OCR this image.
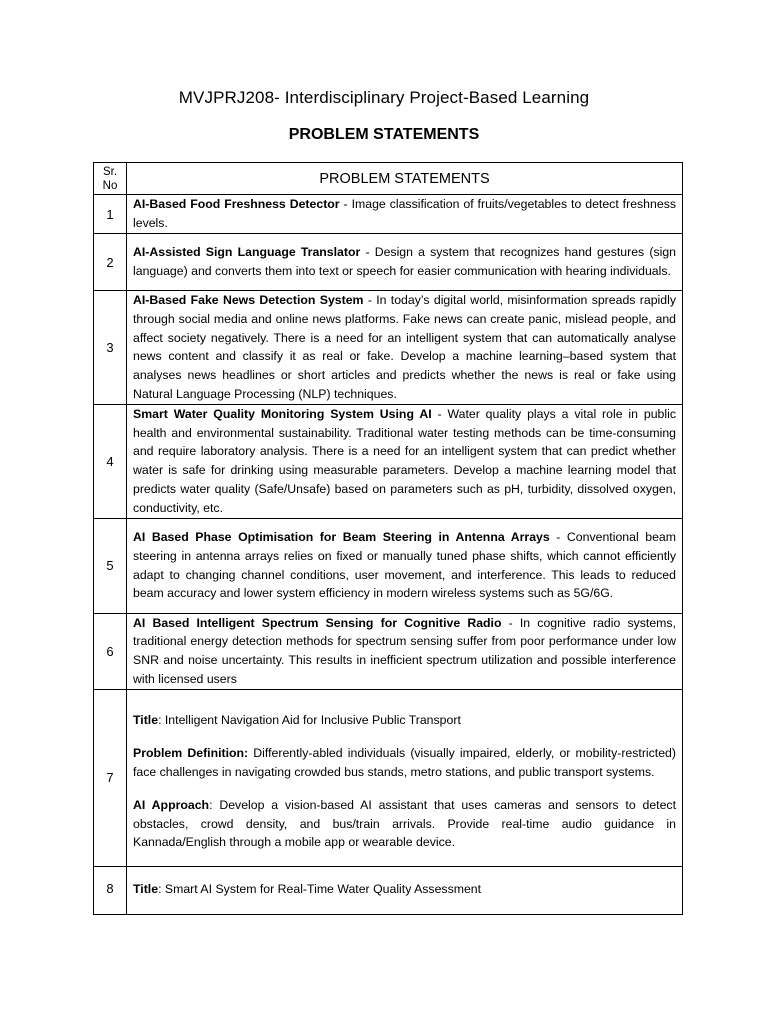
MVJPRJ208- Interdisciplinary Project-Based Learning
PROBLEM STATEMENTS
Sr.
No	PROBLEM STATEMENTS
1	AI-Based Food Freshness Detector - Image classification of fruits/vegetables to detect freshness levels.
2	AI-Assisted Sign Language Translator - Design a system that recognizes hand gestures (sign language) and converts them into text or speech for easier communication with hearing individuals.
3	AI-Based Fake News Detection System - In today’s digital world, misinformation spreads rapidly through social media and online news platforms. Fake news can create panic, mislead people, and affect society negatively. There is a need for an intelligent system that can automatically analyse news content and classify it as real or fake. Develop a machine learning–based system that analyses news headlines or short articles and predicts whether the news is real or fake using Natural Language Processing (NLP) techniques.
4	Smart Water Quality Monitoring System Using AI - Water quality plays a vital role in public health and environmental sustainability. Traditional water testing methods can be time-consuming and require laboratory analysis. There is a need for an intelligent system that can predict whether water is safe for drinking using measurable parameters. Develop a machine learning model that predicts water quality (Safe/Unsafe) based on parameters such as pH, turbidity, dissolved oxygen, conductivity, etc.
5	AI Based Phase Optimisation for Beam Steering in Antenna Arrays - Conventional beam steering in antenna arrays relies on fixed or manually tuned phase shifts, which cannot efficiently adapt to changing channel conditions, user movement, and interference. This leads to reduced beam accuracy and lower system efficiency in modern wireless systems such as 5G/6G.
6	AI Based Intelligent Spectrum Sensing for Cognitive Radio - In cognitive radio systems, traditional energy detection methods for spectrum sensing suffer from poor performance under low SNR and noise uncertainty. This results in inefficient spectrum utilization and possible interference with licensed users
7	Title: Intelligent Navigation Aid for Inclusive Public Transport

Problem Definition: Differently-abled individuals (visually impaired, elderly, or mobility-restricted) face challenges in navigating crowded bus stands, metro stations, and public transport systems.

AI Approach: Develop a vision-based AI assistant that uses cameras and sensors to detect obstacles, crowd density, and bus/train arrivals. Provide real-time audio guidance in Kannada/English through a mobile app or wearable device.

8	Title: Smart AI System for Real-Time Water Quality Assessment
